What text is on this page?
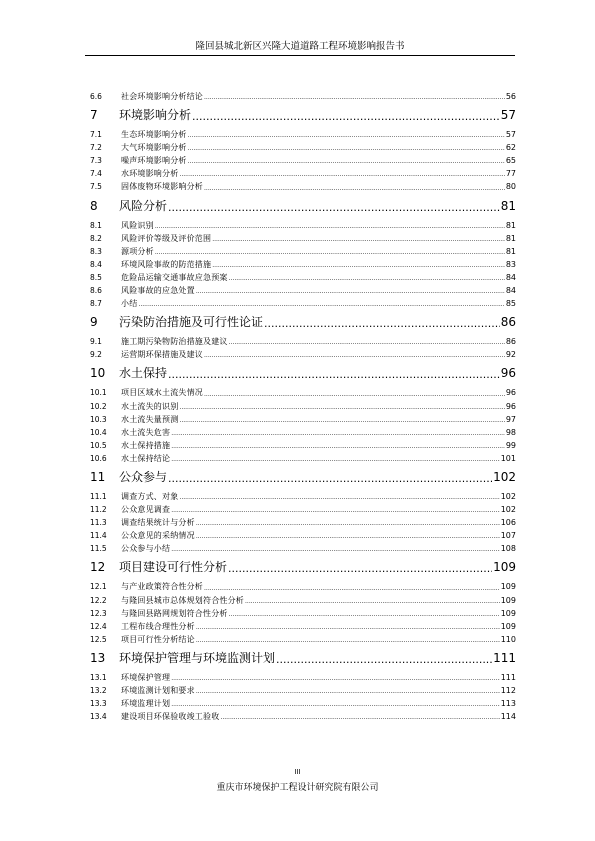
隆回县城北新区兴隆大道道路工程环境影响报告书
6.6	社会环境影响分析结论 .....	56
7	环境影响分析 .....	57
7.1	生态环境影响分析 .....	57
7.2	大气环境影响分析 .....	62
7.3	噪声环境影响分析 .....	65
7.4	水环境影响分析 .....	77
7.5	固体废物环境影响分析 .....	80
8	风险分析 .....	81
8.1	风险识别 .....	81
8.2	风险评价等级及评价范围 .....	81
8.3	源项分析 .....	81
8.4	环境风险事故的防范措施 .....	83
8.5	危险品运输交通事故应急预案 .....	84
8.6	风险事故的应急处置 .....	84
8.7	小结 .....	85
9	污染防治措施及可行性论证 .....	86
9.1	施工期污染物防治措施及建议 .....	86
9.2	运营期环保措施及建议 .....	92
10	水土保持 .....	96
10.1	项目区域水土流失情况 .....	96
10.2	水土流失的识别 .....	96
10.3	水土流失量预测 .....	97
10.4	水土流失危害 .....	98
10.5	水土保持措施 .....	99
10.6	水土保持结论 .....	101
11	公众参与 .....	102
11.1	调查方式、对象 .....	102
11.2	公众意见调查 .....	102
11.3	调查结果统计与分析 .....	106
11.4	公众意见的采纳情况 .....	107
11.5	公众参与小结 .....	108
12	项目建设可行性分析 .....	109
12.1	与产业政策符合性分析 .....	109
12.2	与隆回县城市总体规划符合性分析 .....	109
12.3	与隆回县路网规划符合性分析 .....	109
12.4	工程布线合理性分析 .....	109
12.5	项目可行性分析结论 .....	110
13	环境保护管理与环境监测计划 .....	111
13.1	环境保护管理 .....	111
13.2	环境监测计划和要求 .....	112
13.3	环境监理计划 .....	113
13.4	建设项目环保验收竣工验收 .....	114
III
重庆市环境保护工程设计研究院有限公司
